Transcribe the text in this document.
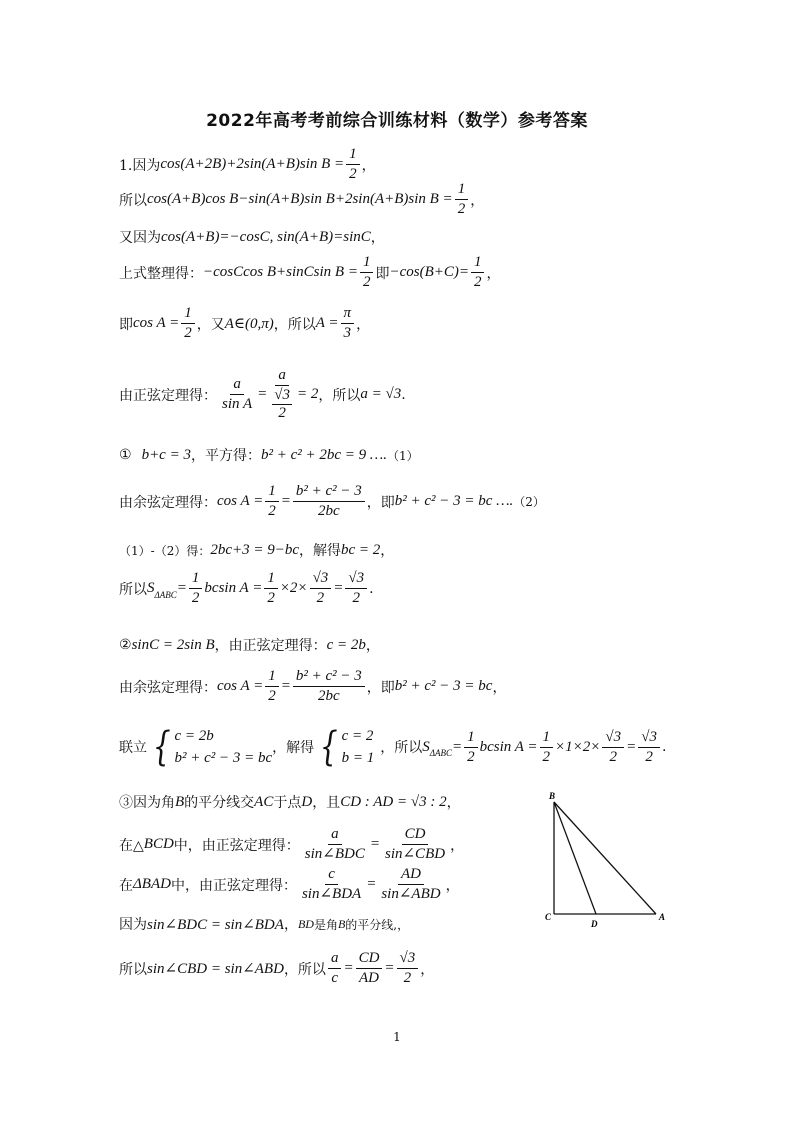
2022年高考考前综合训练材料（数学）参考答案
1.因为 cos(A+2B)+2sin(A+B)sin $B = \frac{1}{2}$ ，
所以 cos(A+B)cos B−sin(A+B)sin B+2sin(A+B)sin $B = \frac{1}{2}$ ，
又因为 cos(A+B)=−cosC, sin(A+B)=sinC ，
上式整理得： −cosCcos B+sinCsin $B = \frac{1}{2}$ 即 $-\cos(B+C)= \frac{1}{2}$ ，
即 $\cos A = \frac{1}{2}$ ，又 A∈(0,π) ，所以 $A = \frac{\pi}{3}$ ，
由正弦定理得： $\frac{a}{\text{sin A}} = \frac{a}{\frac{√3}{2}} = 2$ ，所以 a = √3 .
① b+c = 3 ，平方得： b² + c² + 2bc = 9 …. （1）
由余弦定理得： $\cos A = \frac{1}{2} = \frac{\text{b² + c² − 3}}{2bc}$ ，即 b² + c² − 3 = bc …. （2）
（1）-（2）得： 2bc+3 = 9−bc ，解得 bc = 2 ，
所以 $S_{\Delta ABC} = \frac{1}{2}$ bcsin $A = \frac{1}{2} \times 2\times \frac{√3}{2} = \frac{√3}{2}$ .
② sinC = 2sin B ，由正弦定理得： c = 2b ，
由余弦定理得： $\cos A = \frac{1}{2} = \frac{\text{b² + c² − 3}}{2bc}$ ，即 b² + c² − 3 = bc ，
联立 { c = 2b
b² + c² − 3 = bc
，解得 { c = 2
b = 1
，所以 $S_{\Delta ABC} = \frac{1}{2}$ bcsin $A = \frac{1}{2} \times 1\times 2\times \frac{√3}{2} = \frac{√3}{2}$ .
③因为角 B 的平分线交 AC 于点 D ，且 CD : AD = √3 : 2 ，
在△ BCD 中，由正弦定理得： $\frac{a}{\text{sin∠BDC}} = \frac{CD}{\text{sin∠CBD}}$ ，
在 ΔBAD 中，由正弦定理得： $\frac{c}{\text{sin∠BDA}} = \frac{AD}{\text{sin∠ABD}}$ ，
因为 sin∠BDC = sin∠BDA ， BD 是角 B 的平分线,，
所以 sin∠CBD = sin∠ABD ，所以 $\frac{a}{c} = \frac{CD}{AD} = \frac{√3}{2}$ ，
B
C
D
A
1
